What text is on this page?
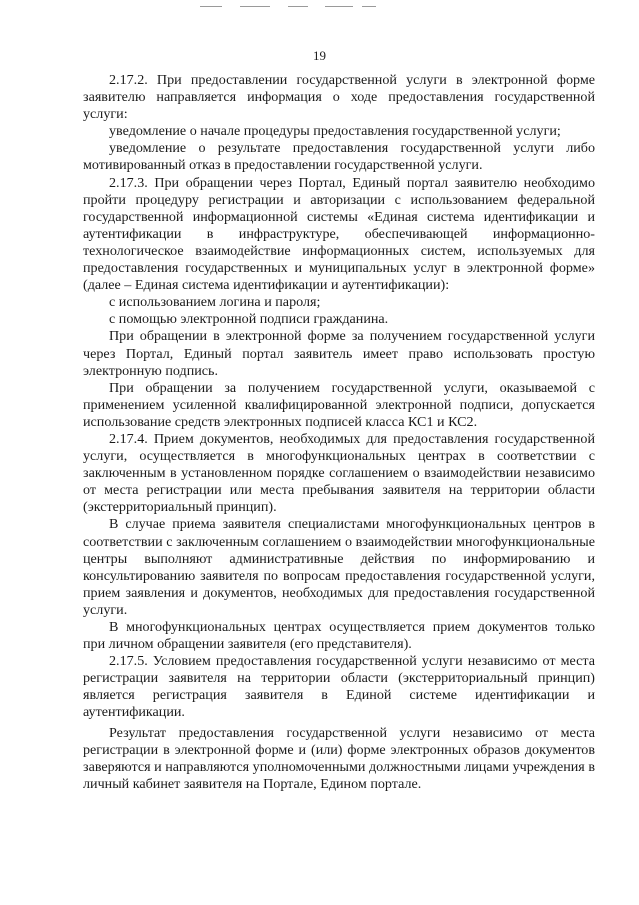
19

2.17.2. При предоставлении государственной услуги в электронной форме заявителю направляется информация о ходе предоставления государственной услуги:

уведомление о начале процедуры предоставления государственной услуги;

уведомление о результате предоставления государственной услуги либо мотивированный отказ в предоставлении государственной услуги.

2.17.3. При обращении через Портал, Единый портал заявителю необходимо пройти процедуру регистрации и авторизации с использованием федеральной государственной информационной системы «Единая система идентификации и аутентификации в инфраструктуре, обеспечивающей информационно-технологическое взаимодействие информационных систем, используемых для предоставления государственных и муниципальных услуг в электронной форме» (далее – Единая система идентификации и аутентификации):

с использованием логина и пароля;

с помощью электронной подписи гражданина.

При обращении в электронной форме за получением государственной услуги через Портал, Единый портал заявитель имеет право использовать простую электронную подпись.

При обращении за получением государственной услуги, оказываемой с применением усиленной квалифицированной электронной подписи, допускается использование средств электронных подписей класса КС1 и КС2.

2.17.4. Прием документов, необходимых для предоставления государственной услуги, осуществляется в многофункциональных центрах в соответствии с заключенным в установленном порядке соглашением о взаимодействии независимо от места регистрации или места пребывания заявителя на территории области (экстерриториальный принцип).

В случае приема заявителя специалистами многофункциональных центров в соответствии с заключенным соглашением о взаимодействии многофункциональные центры выполняют административные действия по информированию и консультированию заявителя по вопросам предоставления государственной услуги, прием заявления и документов, необходимых для предоставления государственной услуги.

В многофункциональных центрах осуществляется прием документов только при личном обращении заявителя (его представителя).

2.17.5. Условием предоставления государственной услуги независимо от места регистрации заявителя на территории области (экстерриториальный принцип) является регистрация заявителя в Единой системе идентификации и аутентификации.

Результат предоставления государственной услуги независимо от места регистрации в электронной форме и (или) форме электронных образов документов заверяются и направляются уполномоченными должностными лицами учреждения в личный кабинет заявителя на Портале, Едином портале.
